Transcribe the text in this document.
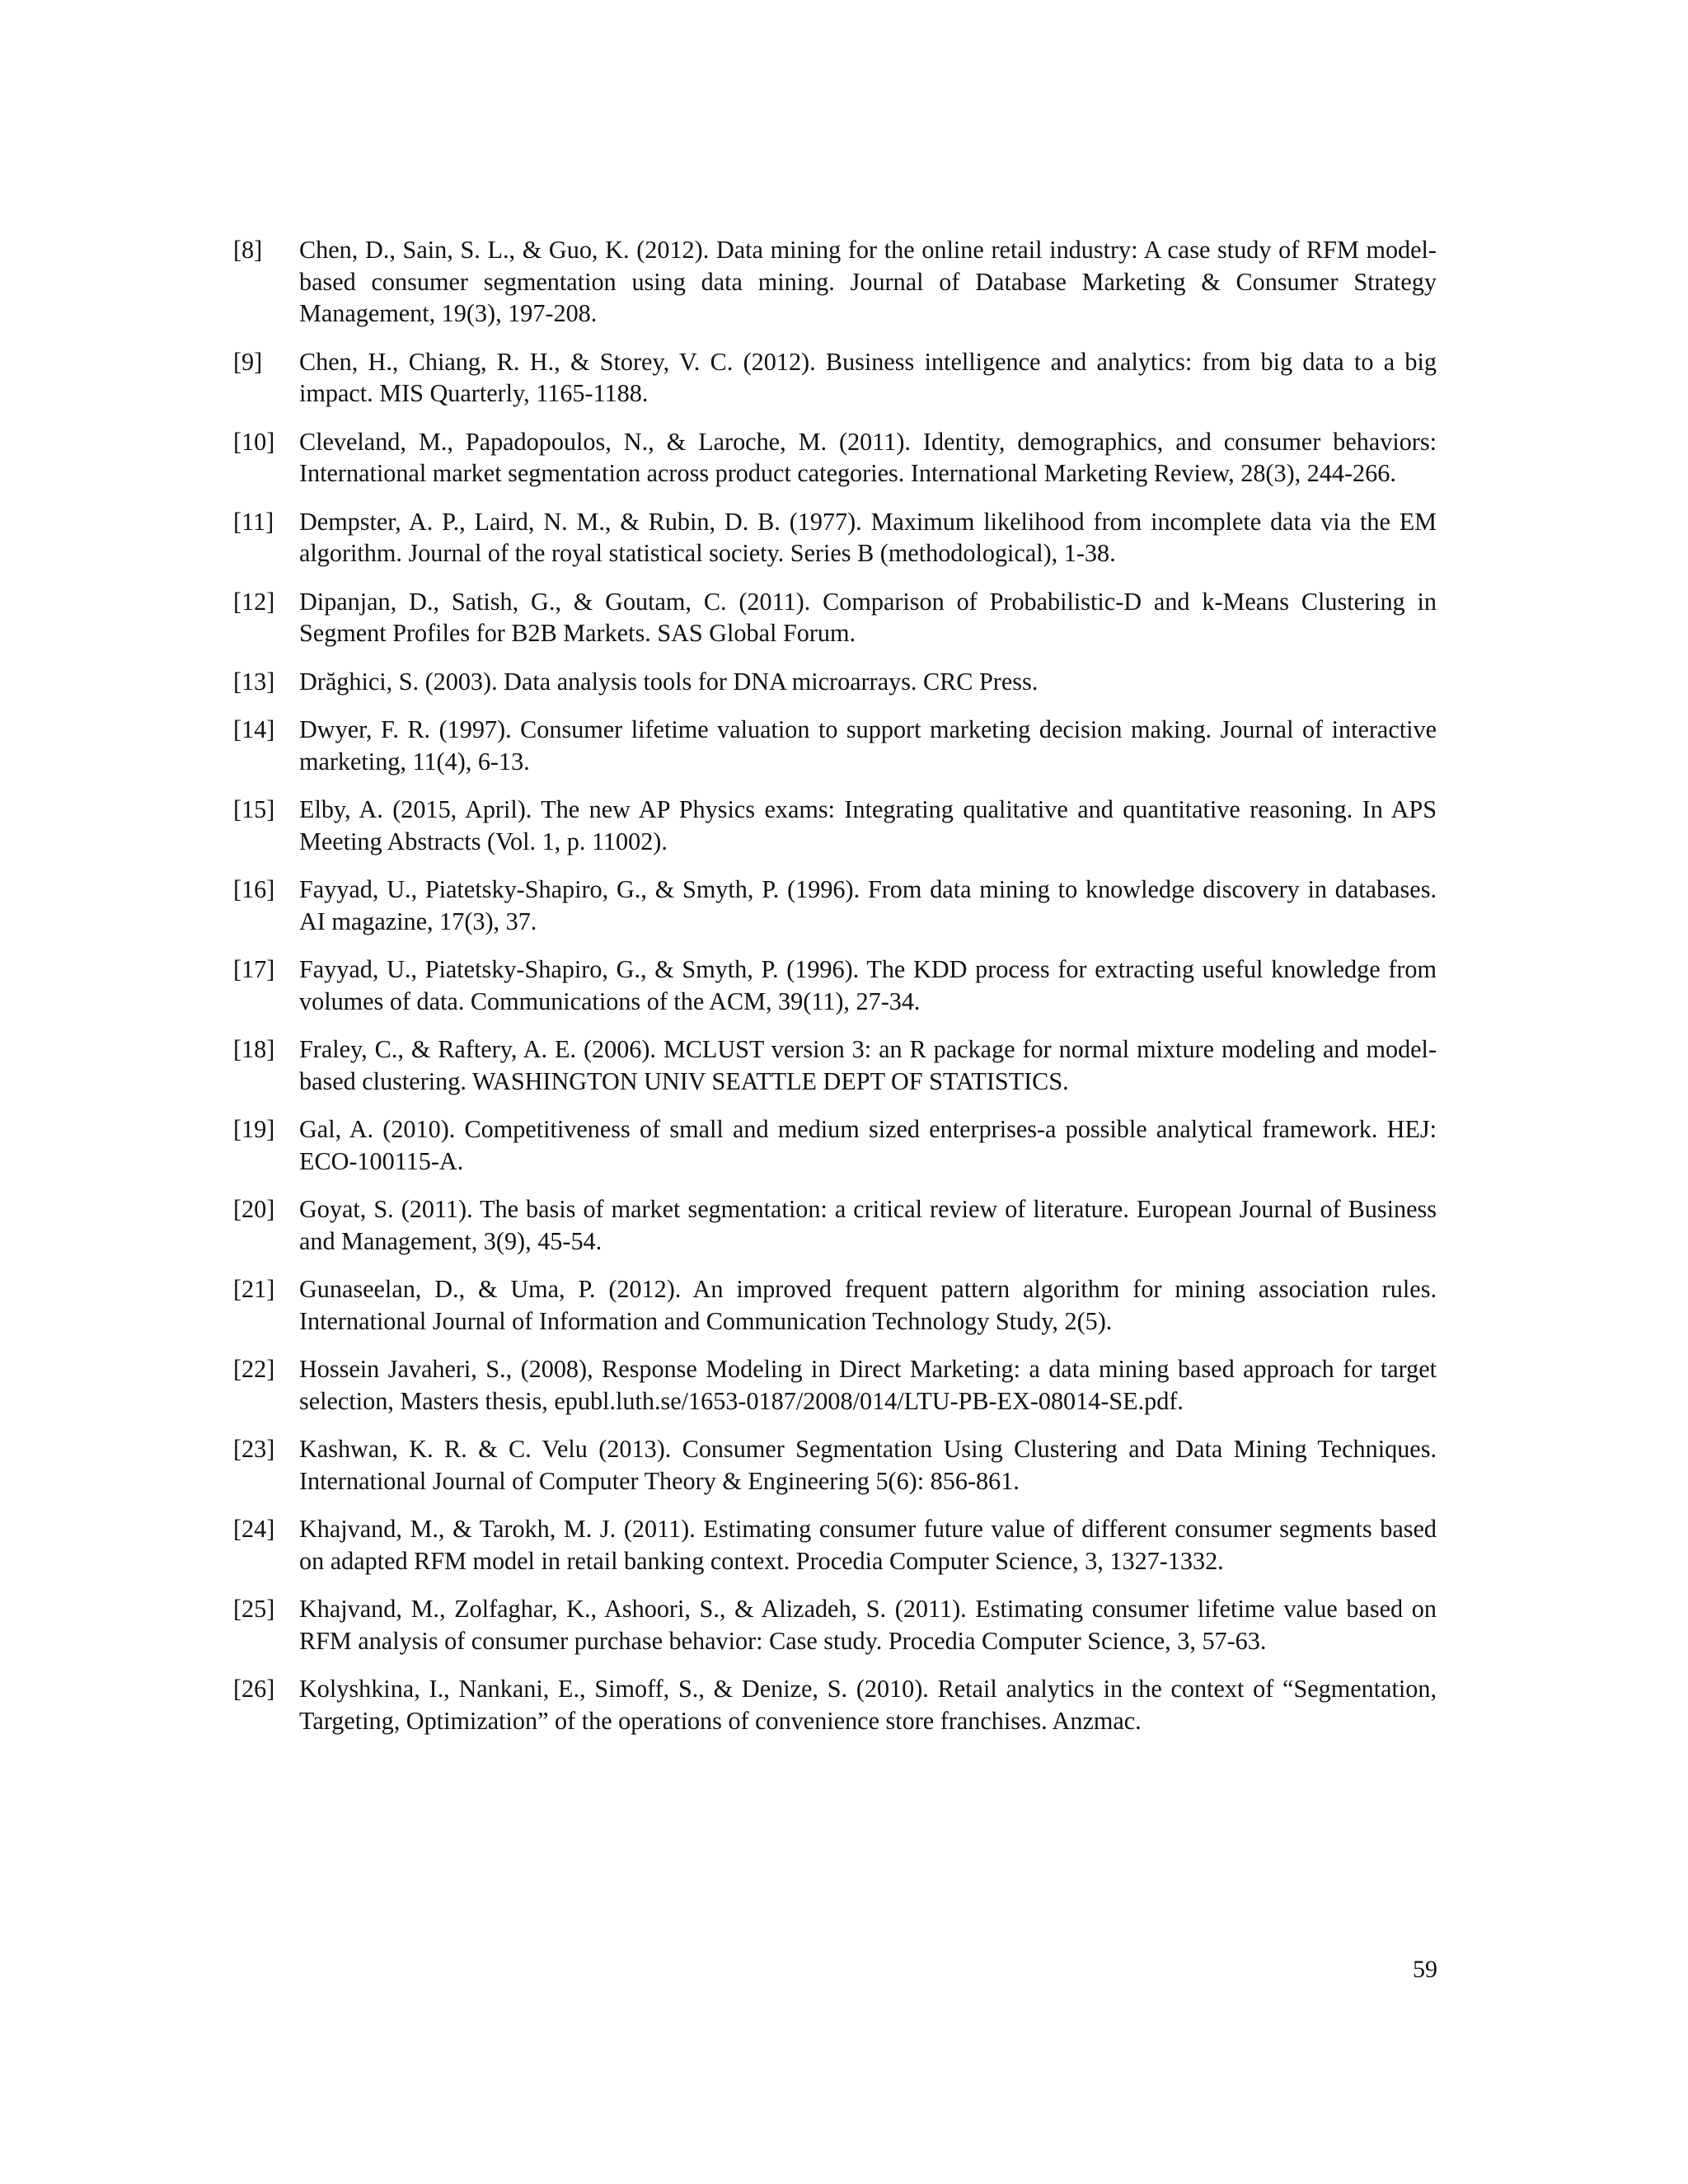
[8]	Chen, D., Sain, S. L., & Guo, K. (2012). Data mining for the online retail industry: A case study of RFM model-based consumer segmentation using data mining. Journal of Database Marketing & Consumer Strategy Management, 19(3), 197-208.
[9]	Chen, H., Chiang, R. H., & Storey, V. C. (2012). Business intelligence and analytics: from big data to a big impact. MIS Quarterly, 1165-1188.
[10] Cleveland, M., Papadopoulos, N., & Laroche, M. (2011). Identity, demographics, and consumer behaviors: International market segmentation across product categories. International Marketing Review, 28(3), 244-266.
[11]	Dempster, A. P., Laird, N. M., & Rubin, D. B. (1977). Maximum likelihood from incomplete data via the EM algorithm. Journal of the royal statistical society. Series B (methodological), 1-38.
[12] Dipanjan, D., Satish, G., & Goutam, C. (2011). Comparison of Probabilistic-D and k-Means Clustering in Segment Profiles for B2B Markets. SAS Global Forum.
[13] Drăghici, S. (2003). Data analysis tools for DNA microarrays. CRC Press.
[14] Dwyer, F. R. (1997). Consumer lifetime valuation to support marketing decision making. Journal of interactive marketing, 11(4), 6-13.
[15] Elby, A. (2015, April). The new AP Physics exams: Integrating qualitative and quantitative reasoning. In APS Meeting Abstracts (Vol. 1, p. 11002).
[16] Fayyad, U., Piatetsky-Shapiro, G., & Smyth, P. (1996). From data mining to knowledge discovery in databases. AI magazine, 17(3), 37.
[17] Fayyad, U., Piatetsky-Shapiro, G., & Smyth, P. (1996). The KDD process for extracting useful knowledge from volumes of data. Communications of the ACM, 39(11), 27-34.
[18] Fraley, C., & Raftery, A. E. (2006). MCLUST version 3: an R package for normal mixture modeling and model-based clustering. WASHINGTON UNIV SEATTLE DEPT OF STATISTICS.
[19] Gal, A. (2010). Competitiveness of small and medium sized enterprises-a possible analytical framework. HEJ: ECO-100115-A.
[20] Goyat, S. (2011). The basis of market segmentation: a critical review of literature. European Journal of Business and Management, 3(9), 45-54.
[21] Gunaseelan, D., & Uma, P. (2012). An improved frequent pattern algorithm for mining association rules. International Journal of Information and Communication Technology Study, 2(5).
[22] Hossein Javaheri, S., (2008), Response Modeling in Direct Marketing: a data mining based approach for target selection, Masters thesis, epubl.luth.se/1653-0187/2008/014/LTU-PB-EX-08014-SE.pdf.
[23] Kashwan, K. R. & C. Velu (2013). Consumer Segmentation Using Clustering and Data Mining Techniques. International Journal of Computer Theory & Engineering 5(6): 856-861.
[24] Khajvand, M., & Tarokh, M. J. (2011). Estimating consumer future value of different consumer segments based on adapted RFM model in retail banking context. Procedia Computer Science, 3, 1327-1332.
[25] Khajvand, M., Zolfaghar, K., Ashoori, S., & Alizadeh, S. (2011). Estimating consumer lifetime value based on RFM analysis of consumer purchase behavior: Case study. Procedia Computer Science, 3, 57-63.
[26] Kolyshkina, I., Nankani, E., Simoff, S., & Denize, S. (2010). Retail analytics in the context of “Segmentation, Targeting, Optimization” of the operations of convenience store franchises. Anzmac.
59
